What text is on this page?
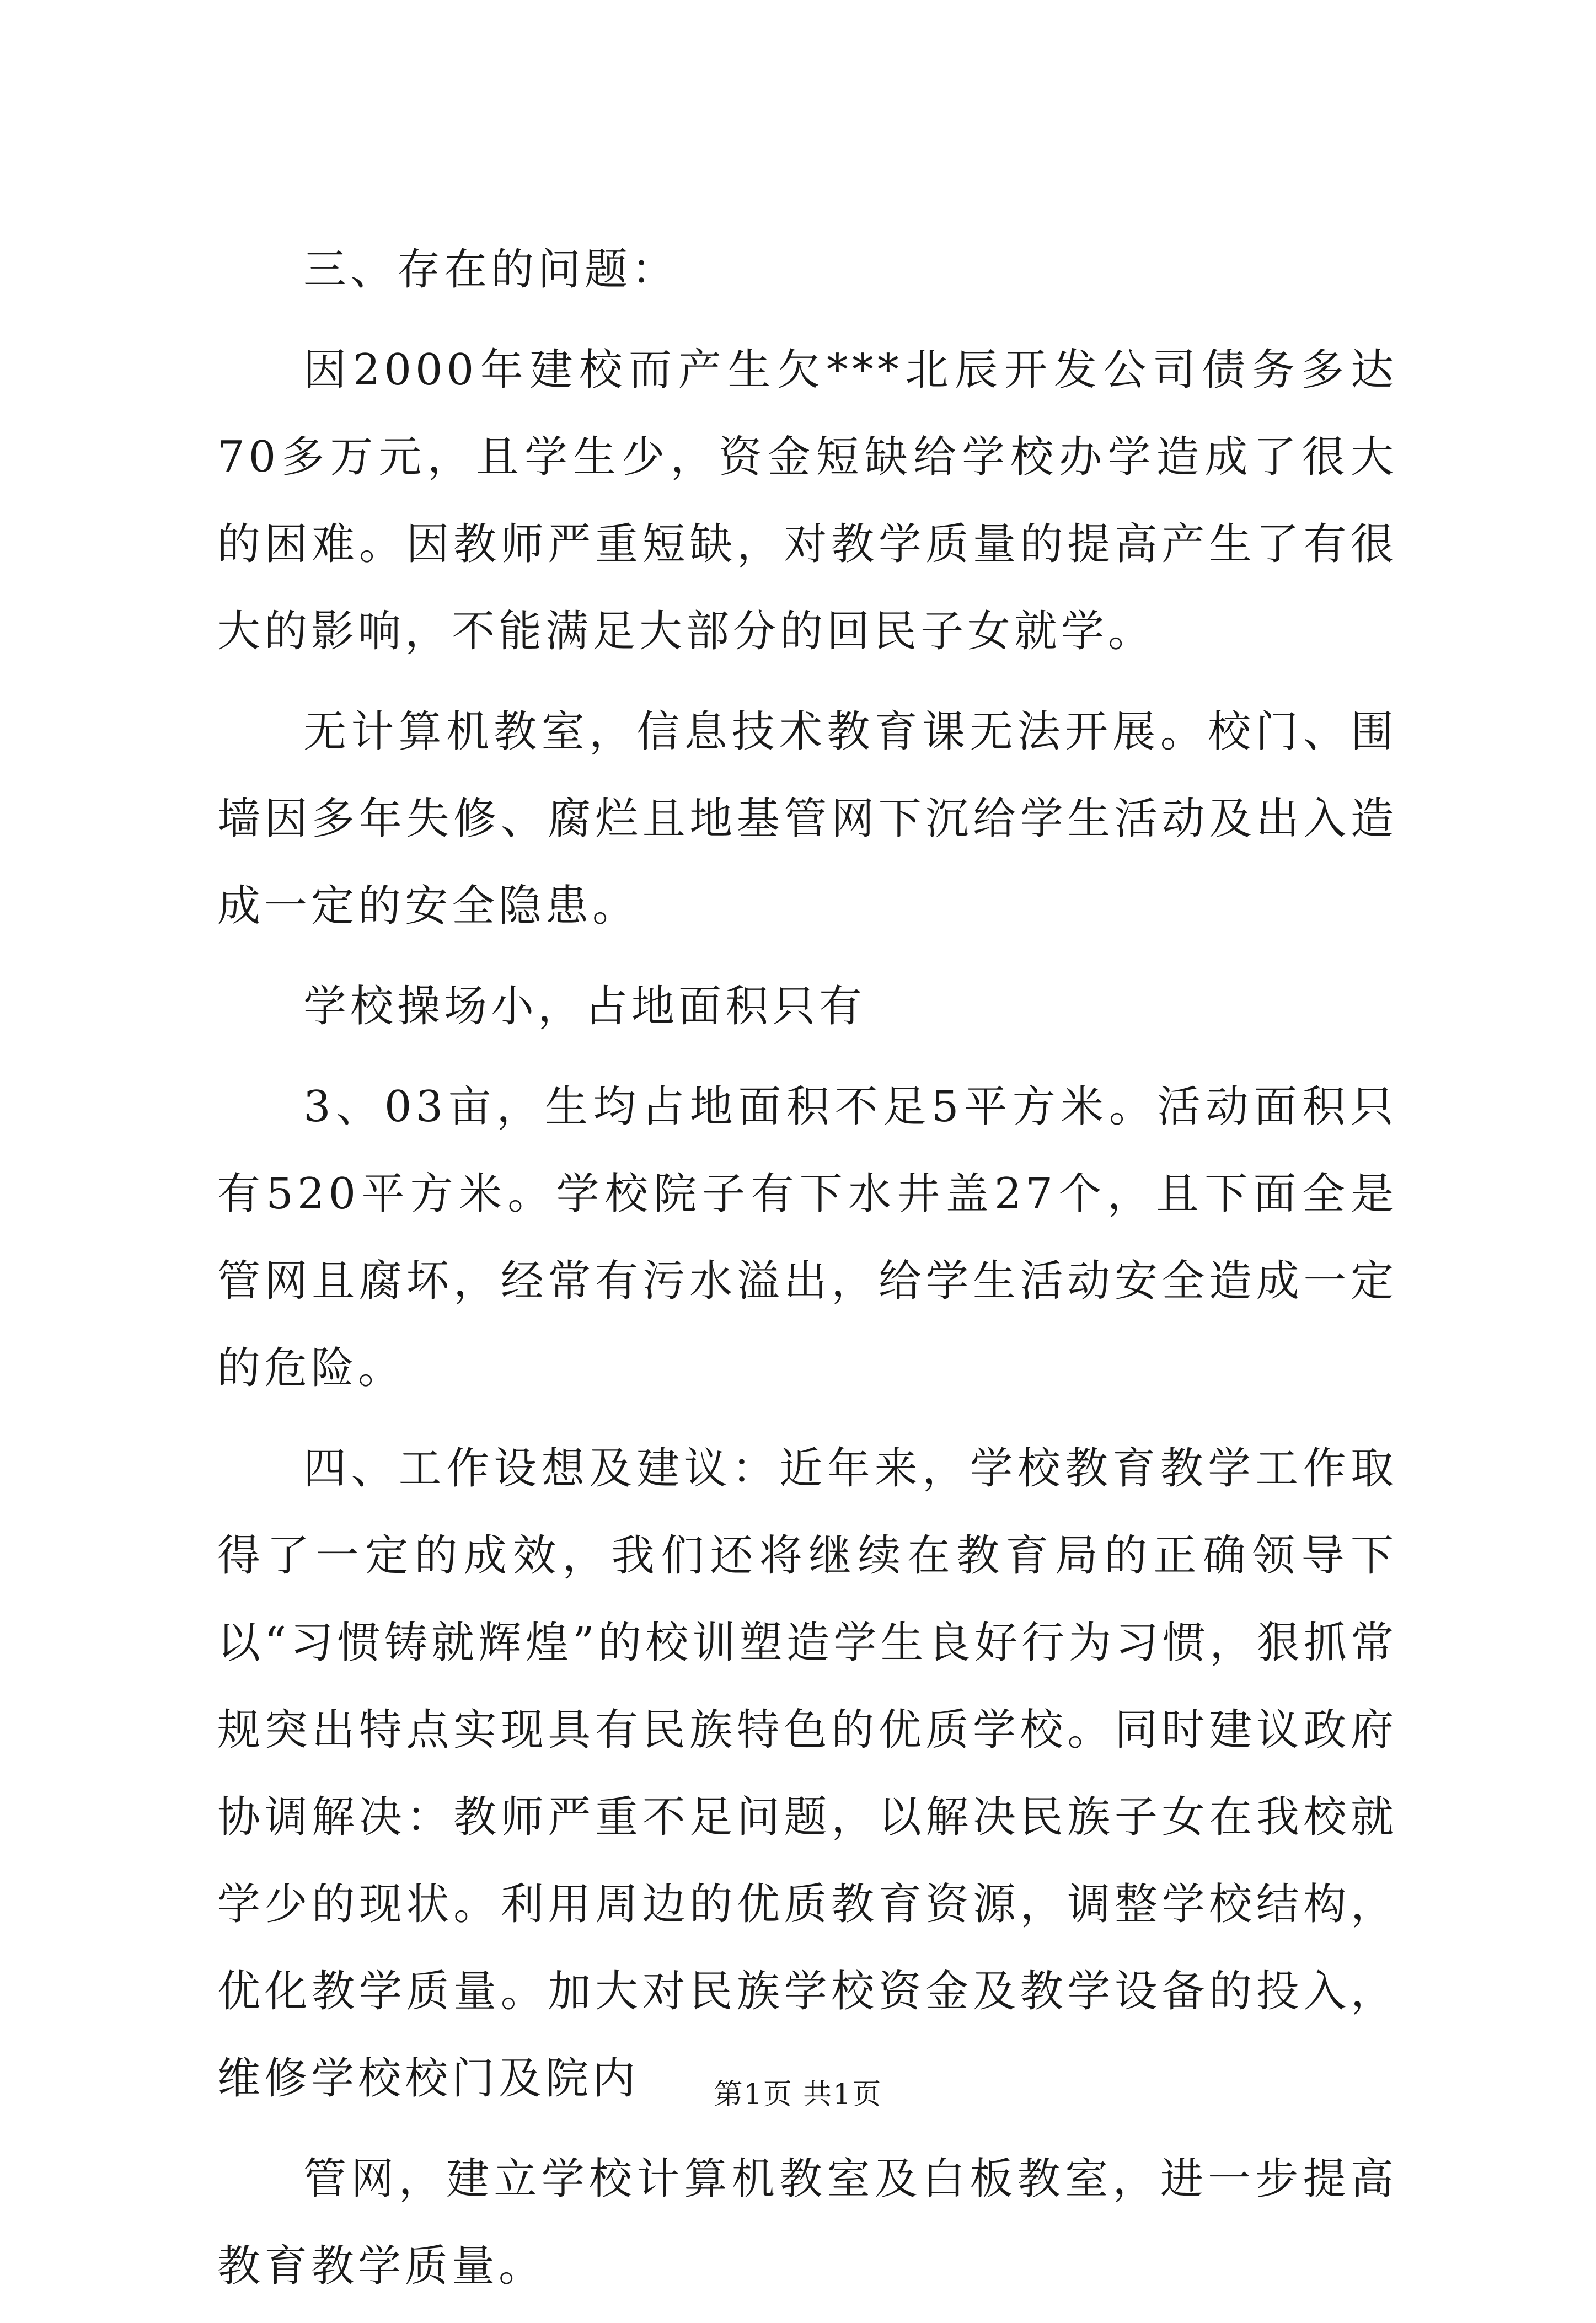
三、存在的问题：

因2000年建校而产生欠***北辰开发公司债务多达70多万元，且学生少，资金短缺给学校办学造成了很大的困难。因教师严重短缺，对教学质量的提高产生了有很大的影响，不能满足大部分的回民子女就学。

无计算机教室，信息技术教育课无法开展。校门、围墙因多年失修、腐烂且地基管网下沉给学生活动及出入造成一定的安全隐患。

学校操场小，占地面积只有

3、03亩，生均占地面积不足5平方米。活动面积只有520平方米。学校院子有下水井盖27个，且下面全是管网且腐坏，经常有污水溢出，给学生活动安全造成一定的危险。

四、工作设想及建议：近年来，学校教育教学工作取得了一定的成效，我们还将继续在教育局的正确领导下以“习惯铸就辉煌”的校训塑造学生良好行为习惯，狠抓常规突出特点实现具有民族特色的优质学校。同时建议政府协调解决：教师严重不足问题，以解决民族子女在我校就学少的现状。利用周边的优质教育资源，调整学校结构，优化教学质量。加大对民族学校资金及教学设备的投入，维修学校校门及院内

管网，建立学校计算机教室及白板教室，进一步提高教育教学质量。

第1页 共1页
